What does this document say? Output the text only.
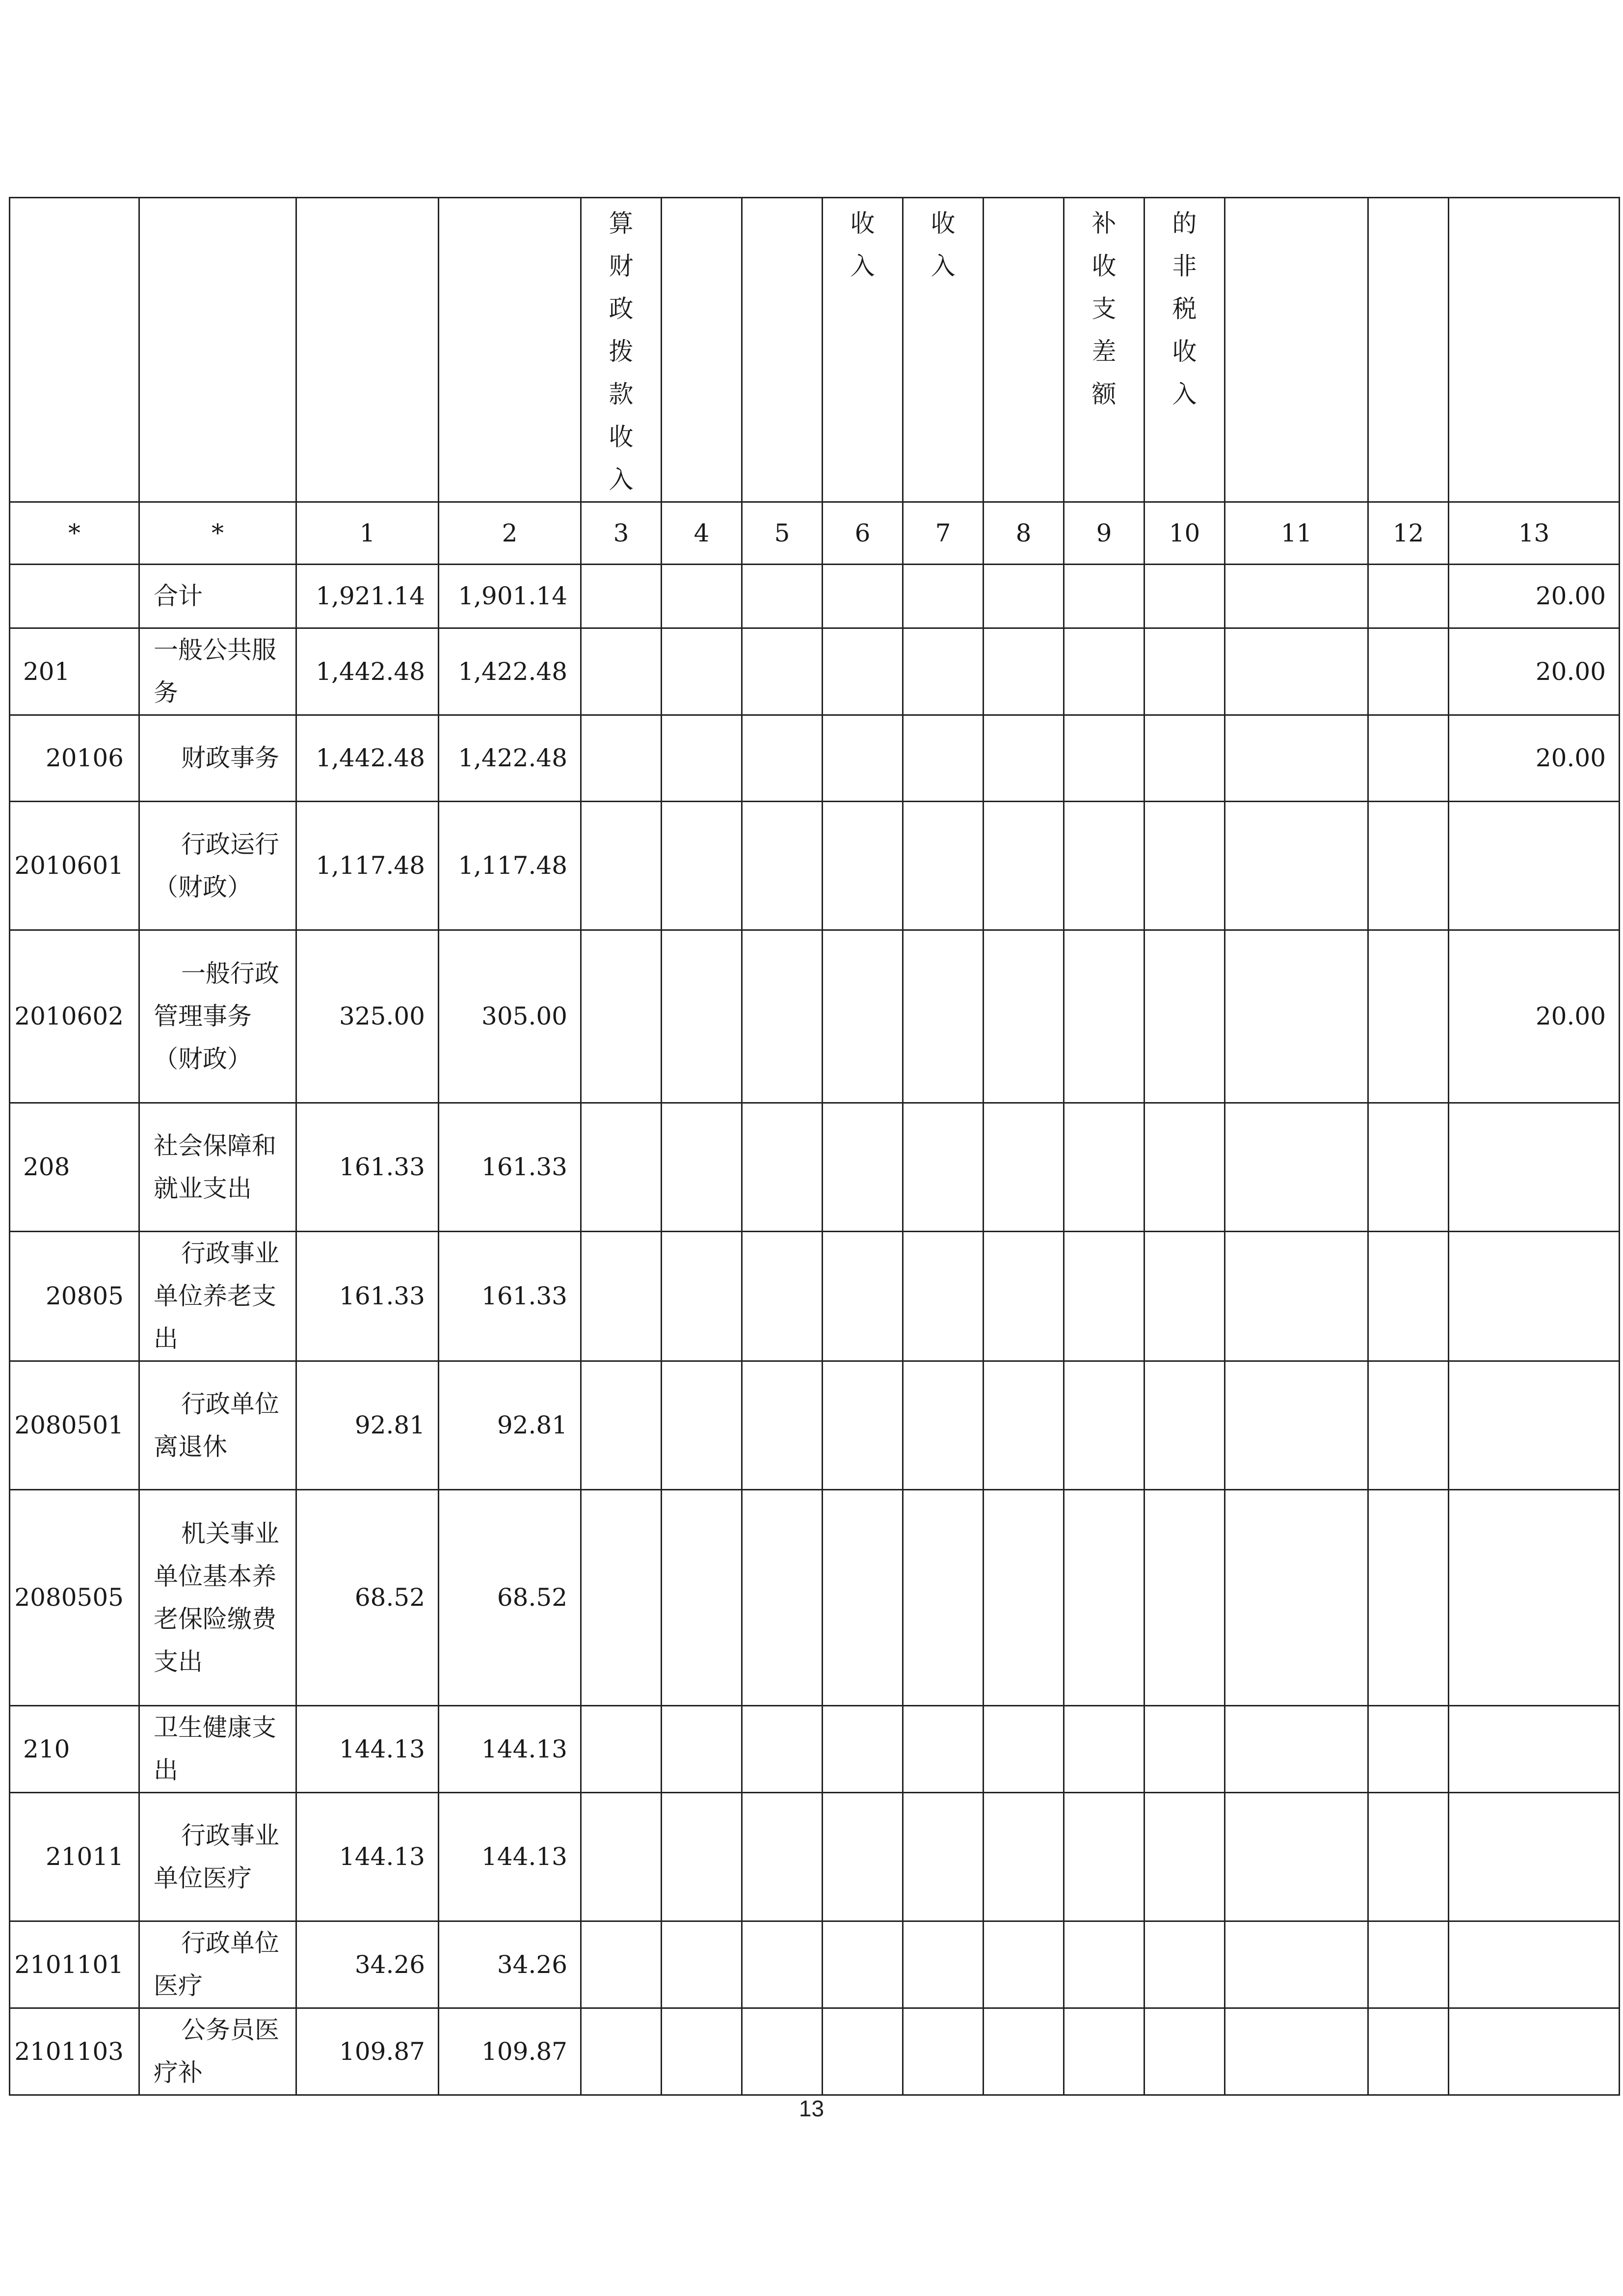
				算财政拨款收入			收入	收入		补收支差额	的非税收入			

*	*	1	2	3	4	5	6	7	8	9	10	11	12	13
	合计	1,921.14	1,901.14											20.00
201	一般公共服务	1,442.48	1,422.48											20.00
20106	财政事务	1,442.48	1,422.48											20.00
2010601	行政运行（财政）	1,117.48	1,117.48											
2010602	一般行政管理事务（财政）	325.00	305.00											20.00
208	社会保障和就业支出	161.33	161.33											
20805	行政事业单位养老支出	161.33	161.33											
2080501	行政单位离退休	92.81	92.81											
2080505	机关事业单位基本养老保险缴费支出	68.52	68.52											
210	卫生健康支出	144.13	144.13											
21011	行政事业单位医疗	144.13	144.13											
2101101	行政单位医疗	34.26	34.26											
2101103	公务员医疗补	109.87	109.87											
13
